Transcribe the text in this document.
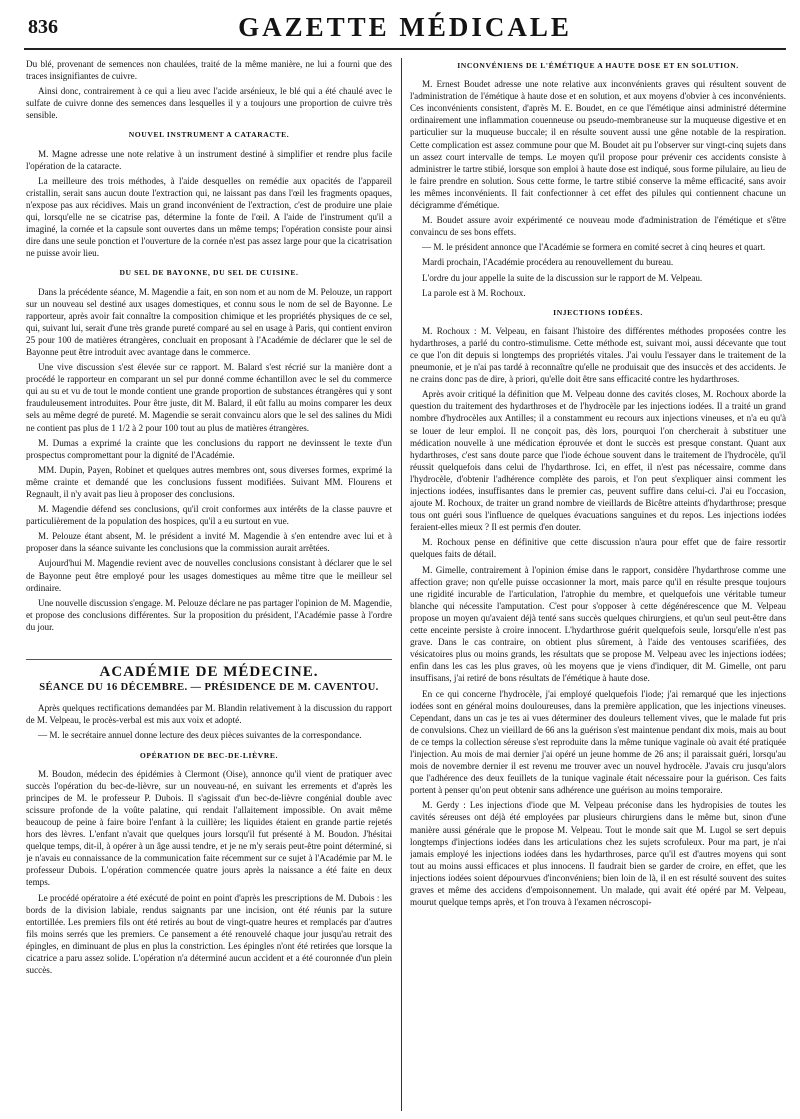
836	GAZETTE MÉDICALE

Du blé, provenant de semences non chaulées, traité de la même manière, ne lui a fourni que des traces insignifiantes de cuivre.

Ainsi donc, contrairement à ce qui a lieu avec l'acide arsénieux, le blé qui a été chaulé avec le sulfate de cuivre donne des semences dans lesquelles il y a toujours une proportion de cuivre très sensible.

NOUVEL INSTRUMENT A CATARACTE.

M. Magne adresse une note relative à un instrument destiné à simplifier et rendre plus facile l'opération de la cataracte.

La meilleure des trois méthodes, à l'aide desquelles on remédie aux opacités de l'appareil cristallin, serait sans aucun doute l'extraction qui, ne laissant pas dans l'œil les fragments opaques, n'expose pas aux récidives. Mais un grand inconvénient de l'extraction, c'est de produire une plaie qui, lorsqu'elle ne se cicatrise pas, détermine la fonte de l'œil. A l'aide de l'instrument qu'il a imaginé, la cornée et la capsule sont ouvertes dans un même temps; l'opération consiste pour ainsi dire dans une seule ponction et l'ouverture de la cornée n'est pas assez large pour que la cicatrisation ne puisse avoir lieu.

DU SEL DE BAYONNE, DU SEL DE CUISINE.

Dans la précédente séance, M. Magendie a fait, en son nom et au nom de M. Pelouze, un rapport sur un nouveau sel destiné aux usages domestiques, et connu sous le nom de sel de Bayonne. Le rapporteur, après avoir fait connaître la composition chimique et les propriétés physiques de ce sel, qui, suivant lui, serait d'une très grande pureté comparé au sel en usage à Paris, qui contient environ 25 pour 100 de matières étrangères, concluait en proposant à l'Académie de déclarer que le sel de Bayonne peut être introduit avec avantage dans le commerce.

Une vive discussion s'est élevée sur ce rapport. M. Balard s'est récrié sur la manière dont a procédé le rapporteur en comparant un sel pur donné comme échantillon avec le sel du commerce qui au su et vu de tout le monde contient une grande proportion de substances étrangères qui y sont frauduleusement introduites. Pour être juste, dit M. Balard, il eût fallu au moins comparer les deux sels au même degré de pureté. M. Magendie se serait convaincu alors que le sel des salines du Midi ne contient pas plus de 1 1/2 à 2 pour 100 tout au plus de matières étrangères.

M. Dumas a exprimé la crainte que les conclusions du rapport ne devinssent le texte d'un prospectus compromettant pour la dignité de l'Académie.

MM. Dupin, Payen, Robinet et quelques autres membres ont, sous diverses formes, exprimé la même crainte et demandé que les conclusions fussent modifiées. Suivant MM. Flourens et Regnault, il n'y avait pas lieu à proposer des conclusions.

M. Magendie défend ses conclusions, qu'il croit conformes aux intérêts de la classe pauvre et particulièrement de la population des hospices, qu'il a eu surtout en vue.

M. Pelouze étant absent, M. le président a invité M. Magendie à s'en entendre avec lui et à proposer dans la séance suivante les conclusions que la commission aurait arrêtées.

Aujourd'hui M. Magendie revient avec de nouvelles conclusions consistant à déclarer que le sel de Bayonne peut être employé pour les usages domestiques au même titre que le meilleur sel ordinaire.

Une nouvelle discussion s'engage. M. Pelouze déclare ne pas partager l'opinion de M. Magendie, et propose des conclusions différentes. Sur la proposition du président, l'Académie passe à l'ordre du jour.

ACADÉMIE DE MÉDECINE.
SÉANCE DU 16 DÉCEMBRE. — PRÉSIDENCE DE M. CAVENTOU.

Après quelques rectifications demandées par M. Blandin relativement à la discussion du rapport de M. Velpeau, le procès-verbal est mis aux voix et adopté.

— M. le secrétaire annuel donne lecture des deux pièces suivantes de la correspondance.

OPÉRATION DE BEC-DE-LIÈVRE.

M. Boudon, médecin des épidémies à Clermont (Oise), annonce qu'il vient de pratiquer avec succès l'opération du bec-de-lièvre, sur un nouveau-né, en suivant les errements et d'après les principes de M. le professeur P. Dubois. Il s'agissait d'un bec-de-lièvre congénial double avec scissure profonde de la voûte palatine, qui rendait l'allaitement impossible. On avait même beaucoup de peine à faire boire l'enfant à la cuillère; les liquides étaient en grande partie rejetés hors des lèvres. L'enfant n'avait que quelques jours lorsqu'il fut présenté à M. Boudon. J'hésitai quelque temps, dit-il, à opérer à un âge aussi tendre, et je ne m'y serais peut-être point déterminé, si je n'avais eu connaissance de la communication faite récemment sur ce sujet à l'Académie par M. le professeur Dubois. L'opération commencée quatre jours après la naissance a été faite en deux temps.

Le procédé opératoire a été exécuté de point en point d'après les prescriptions de M. Dubois : les bords de la division labiale, rendus saignants par une incision, ont été réunis par la suture entortillée. Les premiers fils ont été retirés au bout de vingt-quatre heures et remplacés par d'autres fils moins serrés que les premiers. Ce pansement a été renouvelé chaque jour jusqu'au retrait des épingles, en diminuant de plus en plus la constriction. Les épingles n'ont été retirées que lorsque la cicatrice a paru assez solide. L'opération n'a déterminé aucun accident et a été couronnée d'un plein succès.

INCONVÉNIENS DE L'ÉMÉTIQUE A HAUTE DOSE ET EN SOLUTION.

M. Ernest Boudet adresse une note relative aux inconvénients graves qui résultent souvent de l'administration de l'émétique à haute dose et en solution, et aux moyens d'obvier à ces inconvénients. Ces inconvénients consistent, d'après M. E. Boudet, en ce que l'émétique ainsi administré détermine ordinairement une inflammation couenneuse ou pseudo-membraneuse sur la muqueuse digestive et en particulier sur la muqueuse buccale; il en résulte souvent aussi une gêne notable de la respiration. Cette complication est assez commune pour que M. Boudet ait pu l'observer sur vingt-cinq sujets dans un assez court intervalle de temps. Le moyen qu'il propose pour prévenir ces accidents consiste à administrer le tartre stibié, lorsque son emploi à haute dose est indiqué, sous forme pilulaire, au lieu de le faire prendre en solution. Sous cette forme, le tartre stibié conserve la même efficacité, sans avoir les mêmes inconvénients. Il fait confectionner à cet effet des pilules qui contiennent chacune un décigramme d'émétique.

M. Boudet assure avoir expérimenté ce nouveau mode d'administration de l'émétique et s'être convaincu de ses bons effets.

— M. le président annonce que l'Académie se formera en comité secret à cinq heures et quart.

Mardi prochain, l'Académie procédera au renouvellement du bureau.

L'ordre du jour appelle la suite de la discussion sur le rapport de M. Velpeau.

La parole est à M. Rochoux.

INJECTIONS IODÉES.

M. Rochoux : M. Velpeau, en faisant l'histoire des différentes méthodes proposées contre les hydarthroses, a parlé du contro-stimulisme. Cette méthode est, suivant moi, aussi décevante que tout ce que l'on dit depuis si longtemps des propriétés vitales. J'ai voulu l'essayer dans le traitement de la pneumonie, et je n'ai pas tardé à reconnaître qu'elle ne produisait que des insuccès et des accidents. Je ne crains donc pas de dire, à priori, qu'elle doit être sans efficacité contre les hydarthroses.

Après avoir critiqué la définition que M. Velpeau donne des cavités closes, M. Rochoux aborde la question du traitement des hydarthroses et de l'hydrocèle par les injections iodées. Il a traité un grand nombre d'hydrocèles aux Antilles; il a constamment eu recours aux injections vineuses, et n'a eu qu'à se louer de leur emploi. Il ne conçoit pas, dès lors, pourquoi l'on chercherait à substituer une médication nouvelle à une médication éprouvée et dont le succès est presque constant. Quant aux hydarthroses, c'est sans doute parce que l'iode échoue souvent dans le traitement de l'hydrocèle, qu'il réussit quelquefois dans celui de l'hydarthrose. Ici, en effet, il n'est pas nécessaire, comme dans l'hydrocèle, d'obtenir l'adhérence complète des parois, et l'on peut s'expliquer ainsi comment les injections iodées, insuffisantes dans le premier cas, peuvent suffire dans celui-ci. J'ai eu l'occasion, ajoute M. Rochoux, de traiter un grand nombre de vieillards de Bicêtre atteints d'hydarthrose; presque tous ont guéri sous l'influence de quelques évacuations sanguines et du repos. Les injections iodées feraient-elles mieux ? Il est permis d'en douter.

M. Rochoux pense en définitive que cette discussion n'aura pour effet que de faire ressortir quelques faits de détail.

M. Gimelle, contrairement à l'opinion émise dans le rapport, considère l'hydarthrose comme une affection grave; non qu'elle puisse occasionner la mort, mais parce qu'il en résulte presque toujours une rigidité incurable de l'articulation, l'atrophie du membre, et quelquefois une véritable tumeur blanche qui nécessite l'amputation. C'est pour s'opposer à cette dégénérescence que M. Velpeau propose un moyen qu'avaient déjà tenté sans succès quelques chirurgiens, et qu'un seul peut-être dans cette enceinte persiste à croire innocent. L'hydarthrose guérit quelquefois seule, lorsqu'elle n'est pas grave. Dans le cas contraire, on obtient plus sûrement, à l'aide des ventouses scarifiées, des vésicatoires plus ou moins grands, les résultats que se propose M. Velpeau avec les injections iodées; enfin dans les cas les plus graves, où les moyens que je viens d'indiquer, dit M. Gimelle, ont paru insuffisans, j'ai retiré de bons résultats de l'émétique à haute dose.

En ce qui concerne l'hydrocèle, j'ai employé quelquefois l'iode; j'ai remarqué que les injections iodées sont en général moins douloureuses, dans la première application, que les injections vineuses. Cependant, dans un cas je tes ai vues déterminer des douleurs tellement vives, que le malade fut pris de convulsions. Chez un vieillard de 66 ans la guérison s'est maintenue pendant dix mois, mais au bout de ce temps la collection séreuse s'est reproduite dans la même tunique vaginale où avait été pratiquée l'injection. Au mois de mai dernier j'ai opéré un jeune homme de 26 ans; il paraissait guéri, lorsqu'au mois de novembre dernier il est revenu me trouver avec un nouvel hydrocèle. J'avais cru jusqu'alors que l'adhérence des deux feuillets de la tunique vaginale était nécessaire pour la guérison. Ces faits portent à penser qu'on peut obtenir sans adhérence une guérison au moins temporaire.

M. Gerdy : Les injections d'iode que M. Velpeau préconise dans les hydropisies de toutes les cavités séreuses ont déjà été employées par plusieurs chirurgiens dans le même but, sinon d'une manière aussi générale que le propose M. Velpeau. Tout le monde sait que M. Lugol se sert depuis longtemps d'injections iodées dans les articulations chez les sujets scrofuleux. Pour ma part, je n'ai jamais employé les injections iodées dans les hydarthroses, parce qu'il est d'autres moyens qui sont tout au moins aussi efficaces et plus innocens. Il faudrait bien se garder de croire, en effet, que les injections iodées soient dépourvues d'inconvéniens; bien loin de là, il en est résulté souvent des suites graves et même des accidens d'empoisonnement. Un malade, qui avait été opéré par M. Velpeau, mourut quelque temps après, et l'on trouva à l'examen nécroscopi-
